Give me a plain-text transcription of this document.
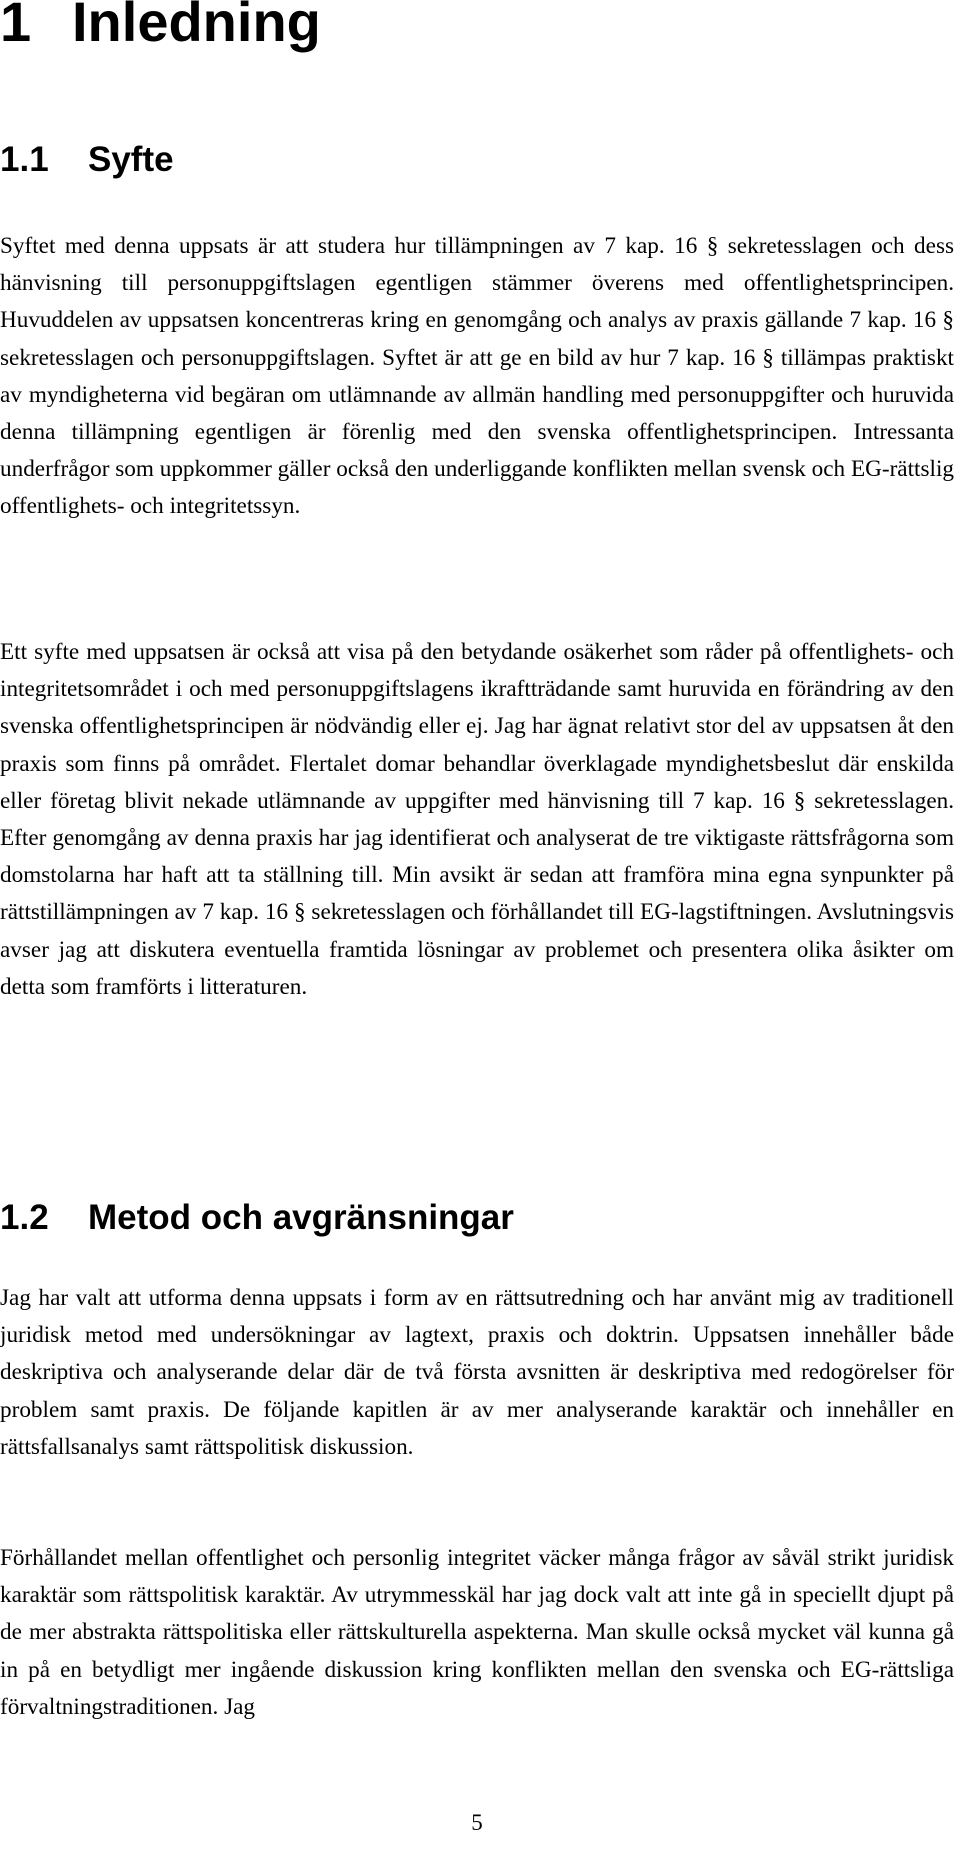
1 Inledning
1.1 Syfte

Syftet med denna uppsats är att studera hur tillämpningen av 7 kap. 16 § sekretesslagen och dess hänvisning till personuppgiftslagen egentligen stämmer överens med offentlighetsprincipen. Huvuddelen av uppsatsen koncentreras kring en genomgång och analys av praxis gällande 7 kap. 16 § sekretesslagen och personuppgiftslagen. Syftet är att ge en bild av hur 7 kap. 16 § tillämpas praktiskt av myndigheterna vid begäran om utlämnande av allmän handling med personuppgifter och huruvida denna tillämpning egentligen är förenlig med den svenska offentlighetsprincipen. Intressanta underfrågor som uppkommer gäller också den underliggande konflikten mellan svensk och EG-rättslig offentlighets- och integritetssyn.

Ett syfte med uppsatsen är också att visa på den betydande osäkerhet som råder på offentlighets- och integritetsområdet i och med personuppgiftslagens ikraftträdande samt huruvida en förändring av den svenska offentlighetsprincipen är nödvändig eller ej. Jag har ägnat relativt stor del av uppsatsen åt den praxis som finns på området. Flertalet domar behandlar överklagade myndighetsbeslut där enskilda eller företag blivit nekade utlämnande av uppgifter med hänvisning till 7 kap. 16 § sekretesslagen. Efter genomgång av denna praxis har jag identifierat och analyserat de tre viktigaste rättsfrågorna som domstolarna har haft att ta ställning till. Min avsikt är sedan att framföra mina egna synpunkter på rättstillämpningen av 7 kap. 16 § sekretesslagen och förhållandet till EG-lagstiftningen. Avslutningsvis avser jag att diskutera eventuella framtida lösningar av problemet och presentera olika åsikter om detta som framförts i litteraturen.

1.2 Metod och avgränsningar

Jag har valt att utforma denna uppsats i form av en rättsutredning och har använt mig av traditionell juridisk metod med undersökningar av lagtext, praxis och doktrin. Uppsatsen innehåller både deskriptiva och analyserande delar där de två första avsnitten är deskriptiva med redogörelser för problem samt praxis. De följande kapitlen är av mer analyserande karaktär och innehåller en rättsfallsanalys samt rättspolitisk diskussion.

Förhållandet mellan offentlighet och personlig integritet väcker många frågor av såväl strikt juridisk karaktär som rättspolitisk karaktär. Av utrymmesskäl har jag dock valt att inte gå in speciellt djupt på de mer abstrakta rättspolitiska eller rättskulturella aspekterna. Man skulle också mycket väl kunna gå in på en betydligt mer ingående diskussion kring konflikten mellan den svenska och EG-rättsliga förvaltningstraditionen. Jag

5
